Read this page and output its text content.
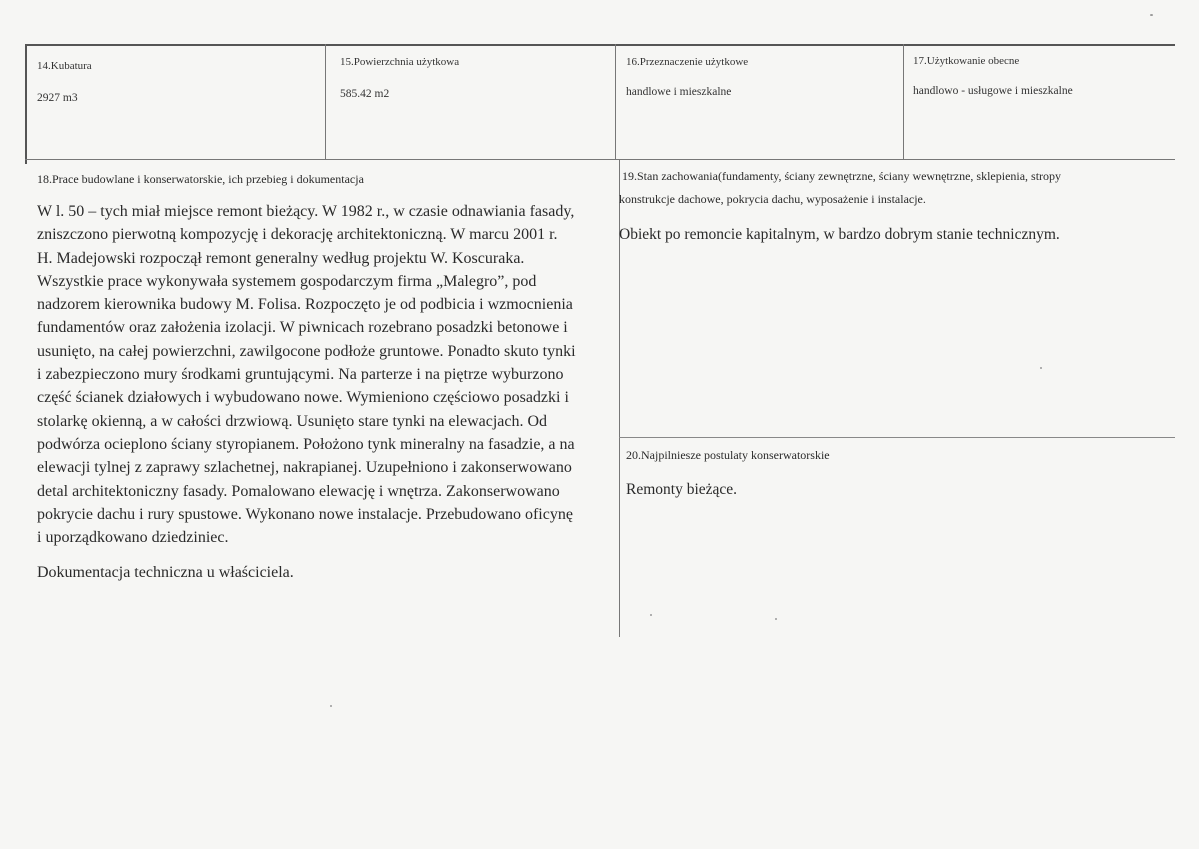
14.Kubatura
2927 m3
15.Powierzchnia użytkowa
585.42 m2
16.Przeznaczenie użytkowe
handlowe i mieszkalne
17.Użytkowanie obecne
handlowo - usługowe i mieszkalne
18.Prace budowlane i konserwatorskie, ich przebieg i dokumentacja
W l. 50 – tych miał miejsce remont bieżący. W 1982 r., w czasie odnawiania fasady,
zniszczono pierwotną kompozycję i dekorację architektoniczną. W marcu 2001 r.
H. Madejowski rozpoczął remont generalny według projektu W. Koscuraka.
Wszystkie prace wykonywała systemem gospodarczym firma „Malegro”, pod
nadzorem kierownika budowy M. Folisa. Rozpoczęto je od podbicia i wzmocnienia
fundamentów oraz założenia izolacji. W piwnicach rozebrano posadzki betonowe i
usunięto, na całej powierzchni, zawilgocone podłoże gruntowe. Ponadto skuto tynki
i zabezpieczono mury środkami gruntującymi. Na parterze i na piętrze wyburzono
część ścianek działowych i wybudowano nowe. Wymieniono częściowo posadzki i
stolarkę okienną, a w całości drzwiową. Usunięto stare tynki na elewacjach. Od
podwórza ocieplono ściany styropianem. Położono tynk mineralny na fasadzie, a na
elewacji tylnej z zaprawy szlachetnej, nakrapianej. Uzupełniono i zakonserwowano
detal architektoniczny fasady. Pomalowano elewację i wnętrza. Zakonserwowano
pokrycie dachu i rury spustowe. Wykonano nowe instalacje. Przebudowano oficynę
i uporządkowano dziedziniec.
Dokumentacja techniczna u właściciela.
19.Stan zachowania(fundamenty, ściany zewnętrzne, ściany wewnętrzne, sklepienia, stropy
konstrukcje dachowe, pokrycia dachu, wyposażenie i instalacje.
Obiekt po remoncie kapitalnym, w bardzo dobrym stanie technicznym.
20.Najpilniesze postulaty konserwatorskie
Remonty bieżące.
